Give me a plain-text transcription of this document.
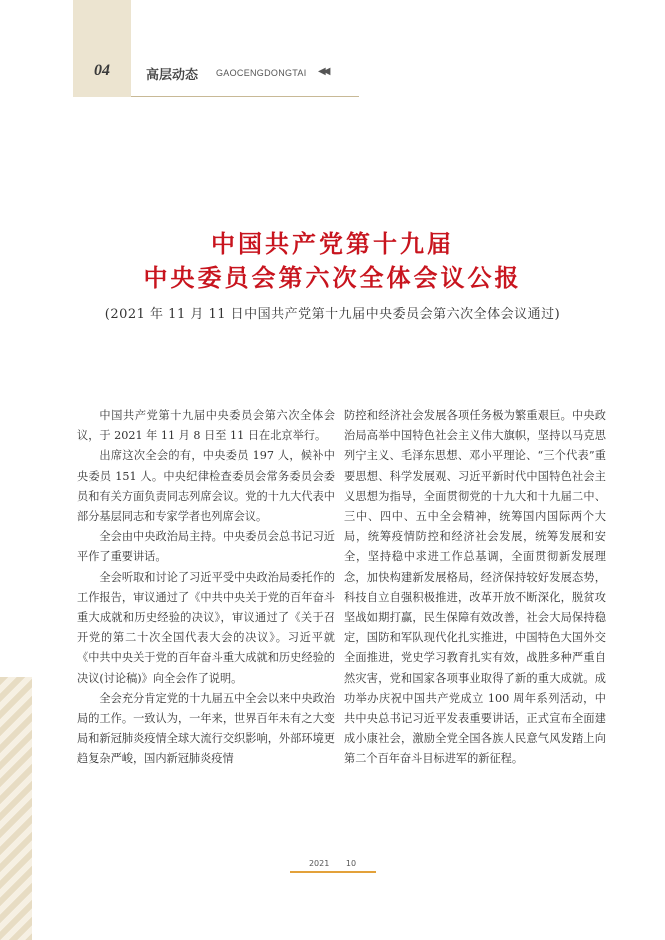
04	高层动态 GAOCENGDONGTAI ◀◀
中国共产党第十九届
中央委员会第六次全体会议公报
(2021 年 11 月 11 日中国共产党第十九届中央委员会第六次全体会议通过)

中国共产党第十九届中央委员会第六次全体会议，于 2021 年 11 月 8 日至 11 日在北京举行。

出席这次全会的有，中央委员 197 人，候补中央委员 151 人。中央纪律检查委员会常务委员会委员和有关方面负责同志列席会议。党的十九大代表中部分基层同志和专家学者也列席会议。

全会由中央政治局主持。中央委员会总书记习近平作了重要讲话。

全会听取和讨论了习近平受中央政治局委托作的工作报告，审议通过了《中共中央关于党的百年奋斗重大成就和历史经验的决议》，审议通过了《关于召开党的第二十次全国代表大会的决议》。习近平就《中共中央关于党的百年奋斗重大成就和历史经验的决议(讨论稿)》向全会作了说明。

全会充分肯定党的十九届五中全会以来中央政治局的工作。一致认为，一年来，世界百年未有之大变局和新冠肺炎疫情全球大流行交织影响，外部环境更趋复杂严峻，国内新冠肺炎疫情

防控和经济社会发展各项任务极为繁重艰巨。中央政治局高举中国特色社会主义伟大旗帜，坚持以马克思列宁主义、毛泽东思想、邓小平理论、“三个代表”重要思想、科学发展观、习近平新时代中国特色社会主义思想为指导，全面贯彻党的十九大和十九届二中、三中、四中、五中全会精神，统筹国内国际两个大局，统筹疫情防控和经济社会发展，统筹发展和安全，坚持稳中求进工作总基调，全面贯彻新发展理念，加快构建新发展格局，经济保持较好发展态势，科技自立自强积极推进，改革开放不断深化，脱贫攻坚战如期打赢，民生保障有效改善，社会大局保持稳定，国防和军队现代化扎实推进，中国特色大国外交全面推进，党史学习教育扎实有效，战胜多种严重自然灾害，党和国家各项事业取得了新的重大成就。成功举办庆祝中国共产党成立 100 周年系列活动，中共中央总书记习近平发表重要讲话，正式宣布全面建成小康社会，激励全党全国各族人民意气风发踏上向第二个百年奋斗目标进军的新征程。

2021 10
